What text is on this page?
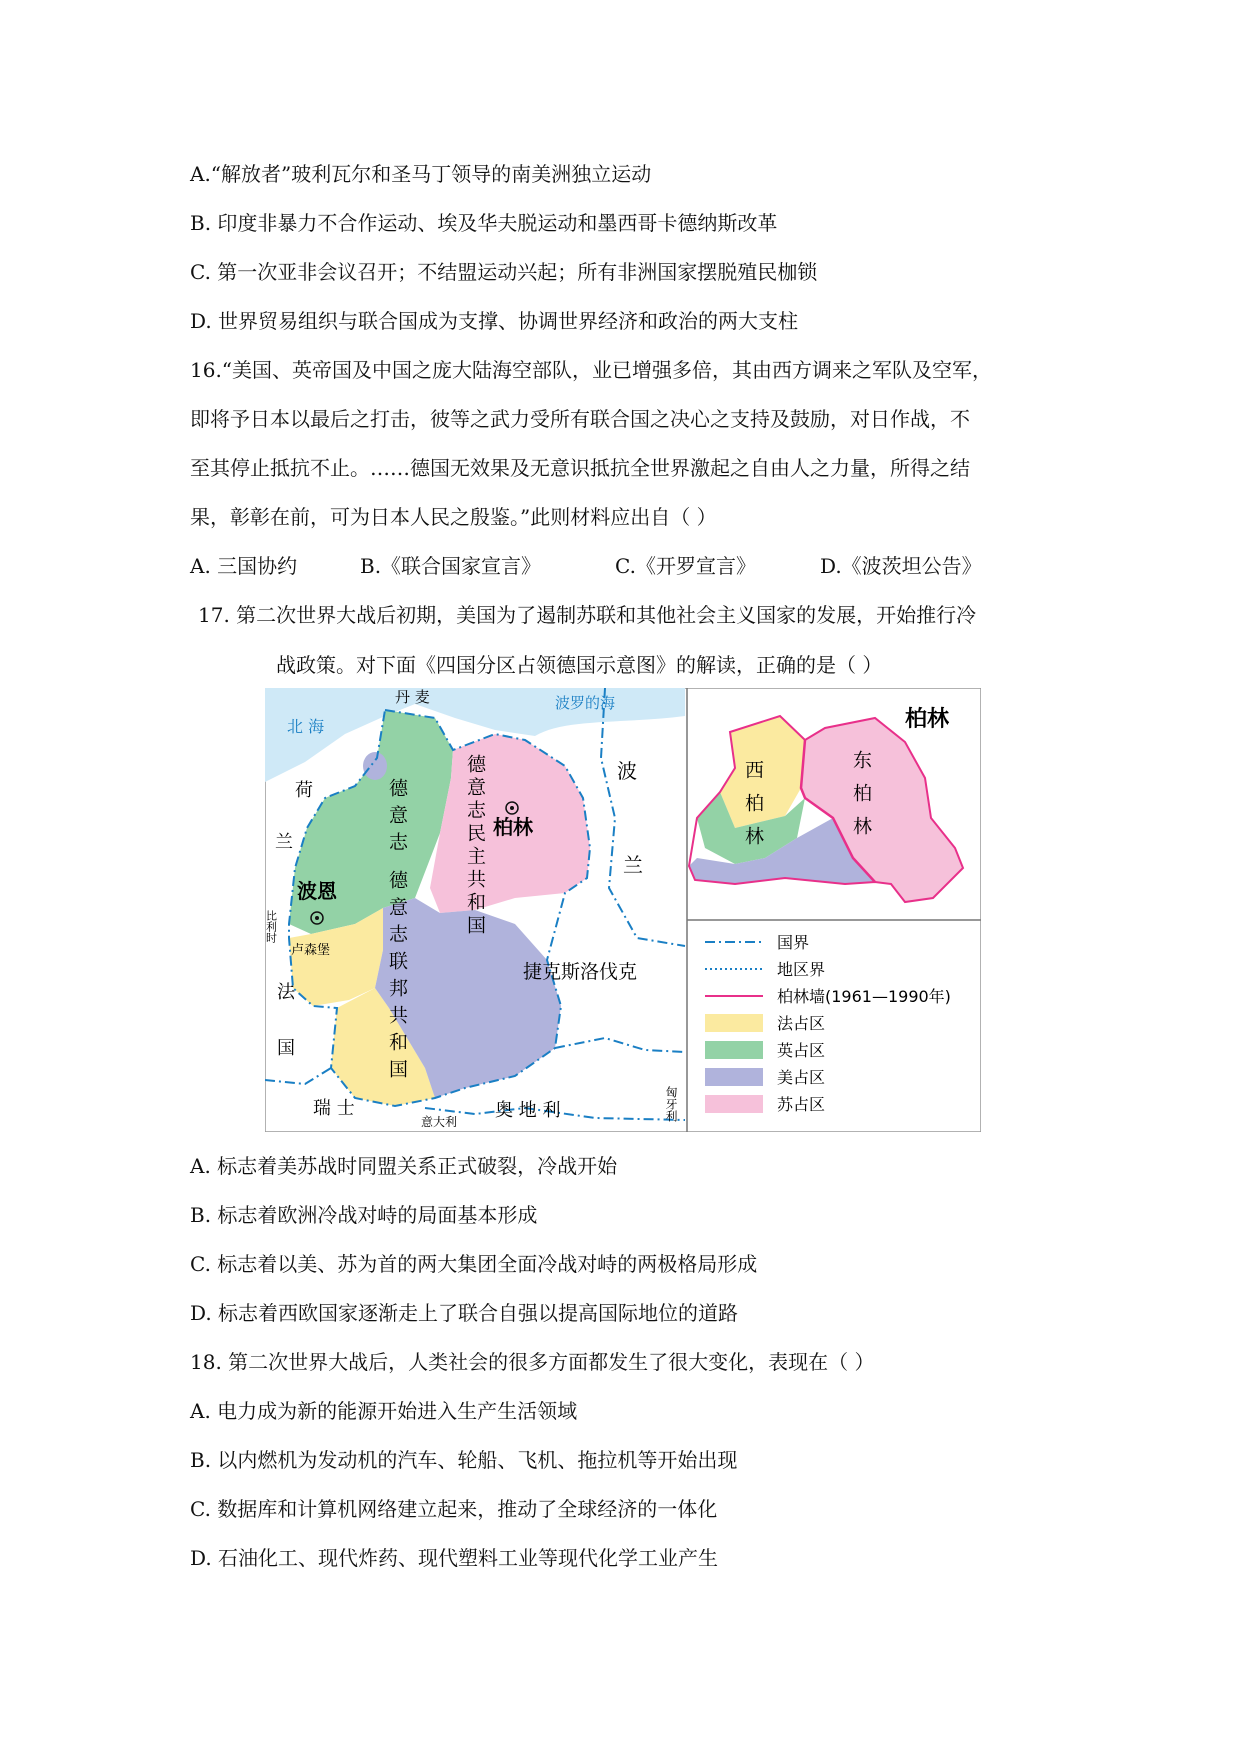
A.“解放者”玻利瓦尔和圣马丁领导的南美洲独立运动
B. 印度非暴力不合作运动、埃及华夫脱运动和墨西哥卡德纳斯改革
C. 第一次亚非会议召开；不结盟运动兴起；所有非洲国家摆脱殖民枷锁
D. 世界贸易组织与联合国成为支撑、协调世界经济和政治的两大支柱
16.“美国、英帝国及中国之庞大陆海空部队，业已增强多倍，其由西方调来之军队及空军，
即将予日本以最后之打击，彼等之武力受所有联合国之决心之支持及鼓励，对日作战，不
至其停止抵抗不止。……德国无效果及无意识抵抗全世界激起之自由人之力量，所得之结
果，彰彰在前，可为日本人民之殷鉴。”此则材料应出自（ ）
A. 三国协约	B.《联合国家宣言》	C.《开罗宣言》	D.《波茨坦公告》
17. 第二次世界大战后初期，美国为了遏制苏联和其他社会主义国家的发展，开始推行冷
战政策。对下面《四国分区占领德国示意图》的解读，正确的是（ ）
丹 麦	波罗的海
北 海
荷
兰
波
兰
波恩
柏林
比利时
卢森堡
法
国
瑞 士
意大利
奥 地 利	匈牙利
捷克斯洛伐克
德意志
德意志联邦共和国
德意志民主共和国
柏林
西柏林	东柏林
国界
地区界
柏林墙(1961—1990年)
法占区
英占区
美占区
苏占区
A. 标志着美苏战时同盟关系正式破裂，冷战开始
B. 标志着欧洲冷战对峙的局面基本形成
C. 标志着以美、苏为首的两大集团全面冷战对峙的两极格局形成
D. 标志着西欧国家逐渐走上了联合自强以提高国际地位的道路
18. 第二次世界大战后，人类社会的很多方面都发生了很大变化，表现在（ ）
A. 电力成为新的能源开始进入生产生活领域
B. 以内燃机为发动机的汽车、轮船、飞机、拖拉机等开始出现
C. 数据库和计算机网络建立起来，推动了全球经济的一体化
D. 石油化工、现代炸药、现代塑料工业等现代化学工业产生
